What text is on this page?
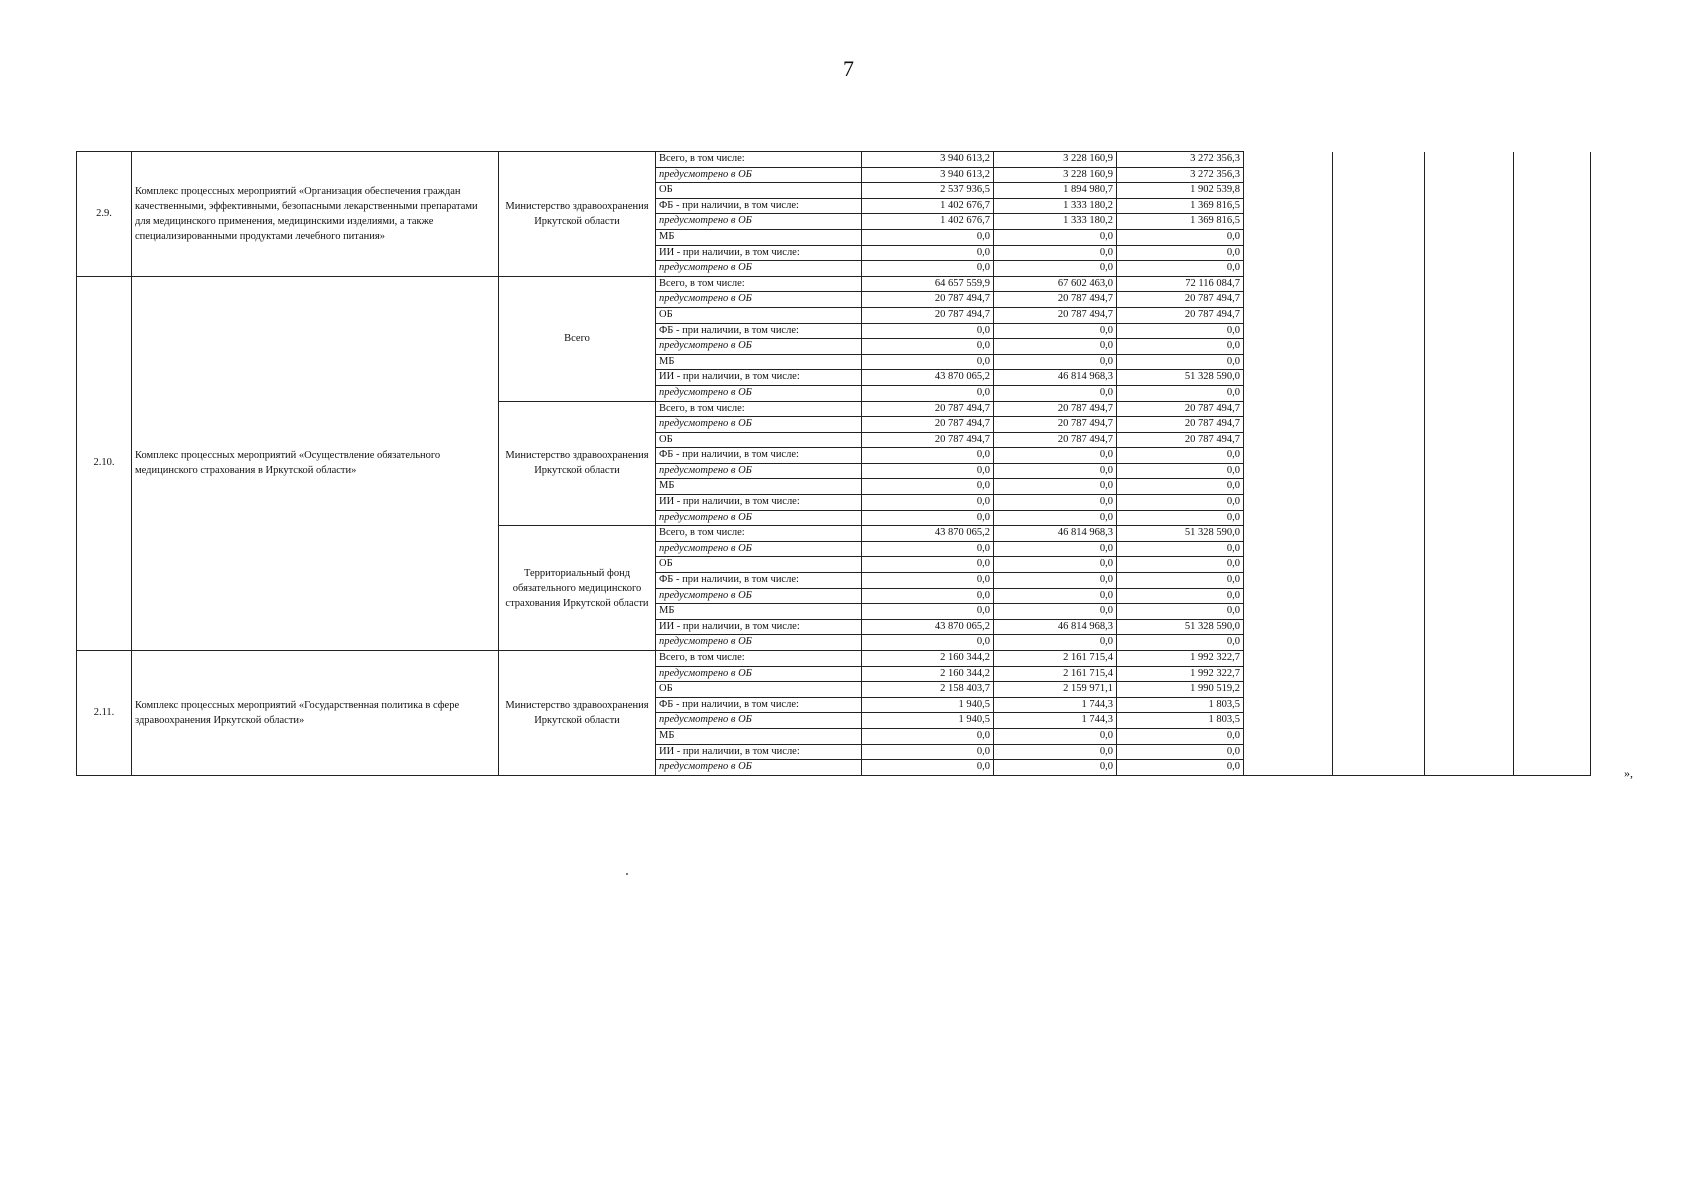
7
2.9.	Комплекс процессных мероприятий «Организация обеспечения граждан качественными, эффективными, безопасными лекарственными препаратами для медицинского применения, медицинскими изделиями, а также специализированными продуктами лечебного питания»	Министерство здравоохранения Иркутской области	Всего, в том числе:	3 940 613,2	3 228 160,9	3 272 356,3				
			предусмотрено в ОБ	3 940 613,2	3 228 160,9	3 272 356,3				
			ОБ	2 537 936,5	1 894 980,7	1 902 539,8				
			ФБ - при наличии, в том числе:	1 402 676,7	1 333 180,2	1 369 816,5				
			предусмотрено в ОБ	1 402 676,7	1 333 180,2	1 369 816,5				
			МБ	0,0	0,0	0,0				
			ИИ - при наличии, в том числе:	0,0	0,0	0,0				
			предусмотрено в ОБ	0,0	0,0	0,0				
2.10.	Комплекс процессных мероприятий «Осуществление обязательного медицинского страхования в Иркутской области»	Всего	Всего, в том числе:	64 657 559,9	67 602 463,0	72 116 084,7				
			предусмотрено в ОБ	20 787 494,7	20 787 494,7	20 787 494,7				
			ОБ	20 787 494,7	20 787 494,7	20 787 494,7				
			ФБ - при наличии, в том числе:	0,0	0,0	0,0				
			предусмотрено в ОБ	0,0	0,0	0,0				
			МБ	0,0	0,0	0,0				
			ИИ - при наличии, в том числе:	43 870 065,2	46 814 968,3	51 328 590,0				
			предусмотрено в ОБ	0,0	0,0	0,0				
		Министерство здравоохранения Иркутской области	Всего, в том числе:	20 787 494,7	20 787 494,7	20 787 494,7				
			предусмотрено в ОБ	20 787 494,7	20 787 494,7	20 787 494,7				
			ОБ	20 787 494,7	20 787 494,7	20 787 494,7				
			ФБ - при наличии, в том числе:	0,0	0,0	0,0				
			предусмотрено в ОБ	0,0	0,0	0,0				
			МБ	0,0	0,0	0,0				
			ИИ - при наличии, в том числе:	0,0	0,0	0,0				
			предусмотрено в ОБ	0,0	0,0	0,0				
		Территориальный фонд обязательного медицинского страхования Иркутской области	Всего, в том числе:	43 870 065,2	46 814 968,3	51 328 590,0				
			предусмотрено в ОБ	0,0	0,0	0,0				
			ОБ	0,0	0,0	0,0				
			ФБ - при наличии, в том числе:	0,0	0,0	0,0				
			предусмотрено в ОБ	0,0	0,0	0,0				
			МБ	0,0	0,0	0,0				
			ИИ - при наличии, в том числе:	43 870 065,2	46 814 968,3	51 328 590,0				
			предусмотрено в ОБ	0,0	0,0	0,0				
2.11.	Комплекс процессных мероприятий «Государственная политика в сфере здравоохранения Иркутской области»	Министерство здравоохранения Иркутской области	Всего, в том числе:	2 160 344,2	2 161 715,4	1 992 322,7				
			предусмотрено в ОБ	2 160 344,2	2 161 715,4	1 992 322,7				
			ОБ	2 158 403,7	2 159 971,1	1 990 519,2				
			ФБ - при наличии, в том числе:	1 940,5	1 744,3	1 803,5				
			предусмотрено в ОБ	1 940,5	1 744,3	1 803,5				
			МБ	0,0	0,0	0,0				
			ИИ - при наличии, в том числе:	0,0	0,0	0,0				
			предусмотрено в ОБ	0,0	0,0	0,0					»,
